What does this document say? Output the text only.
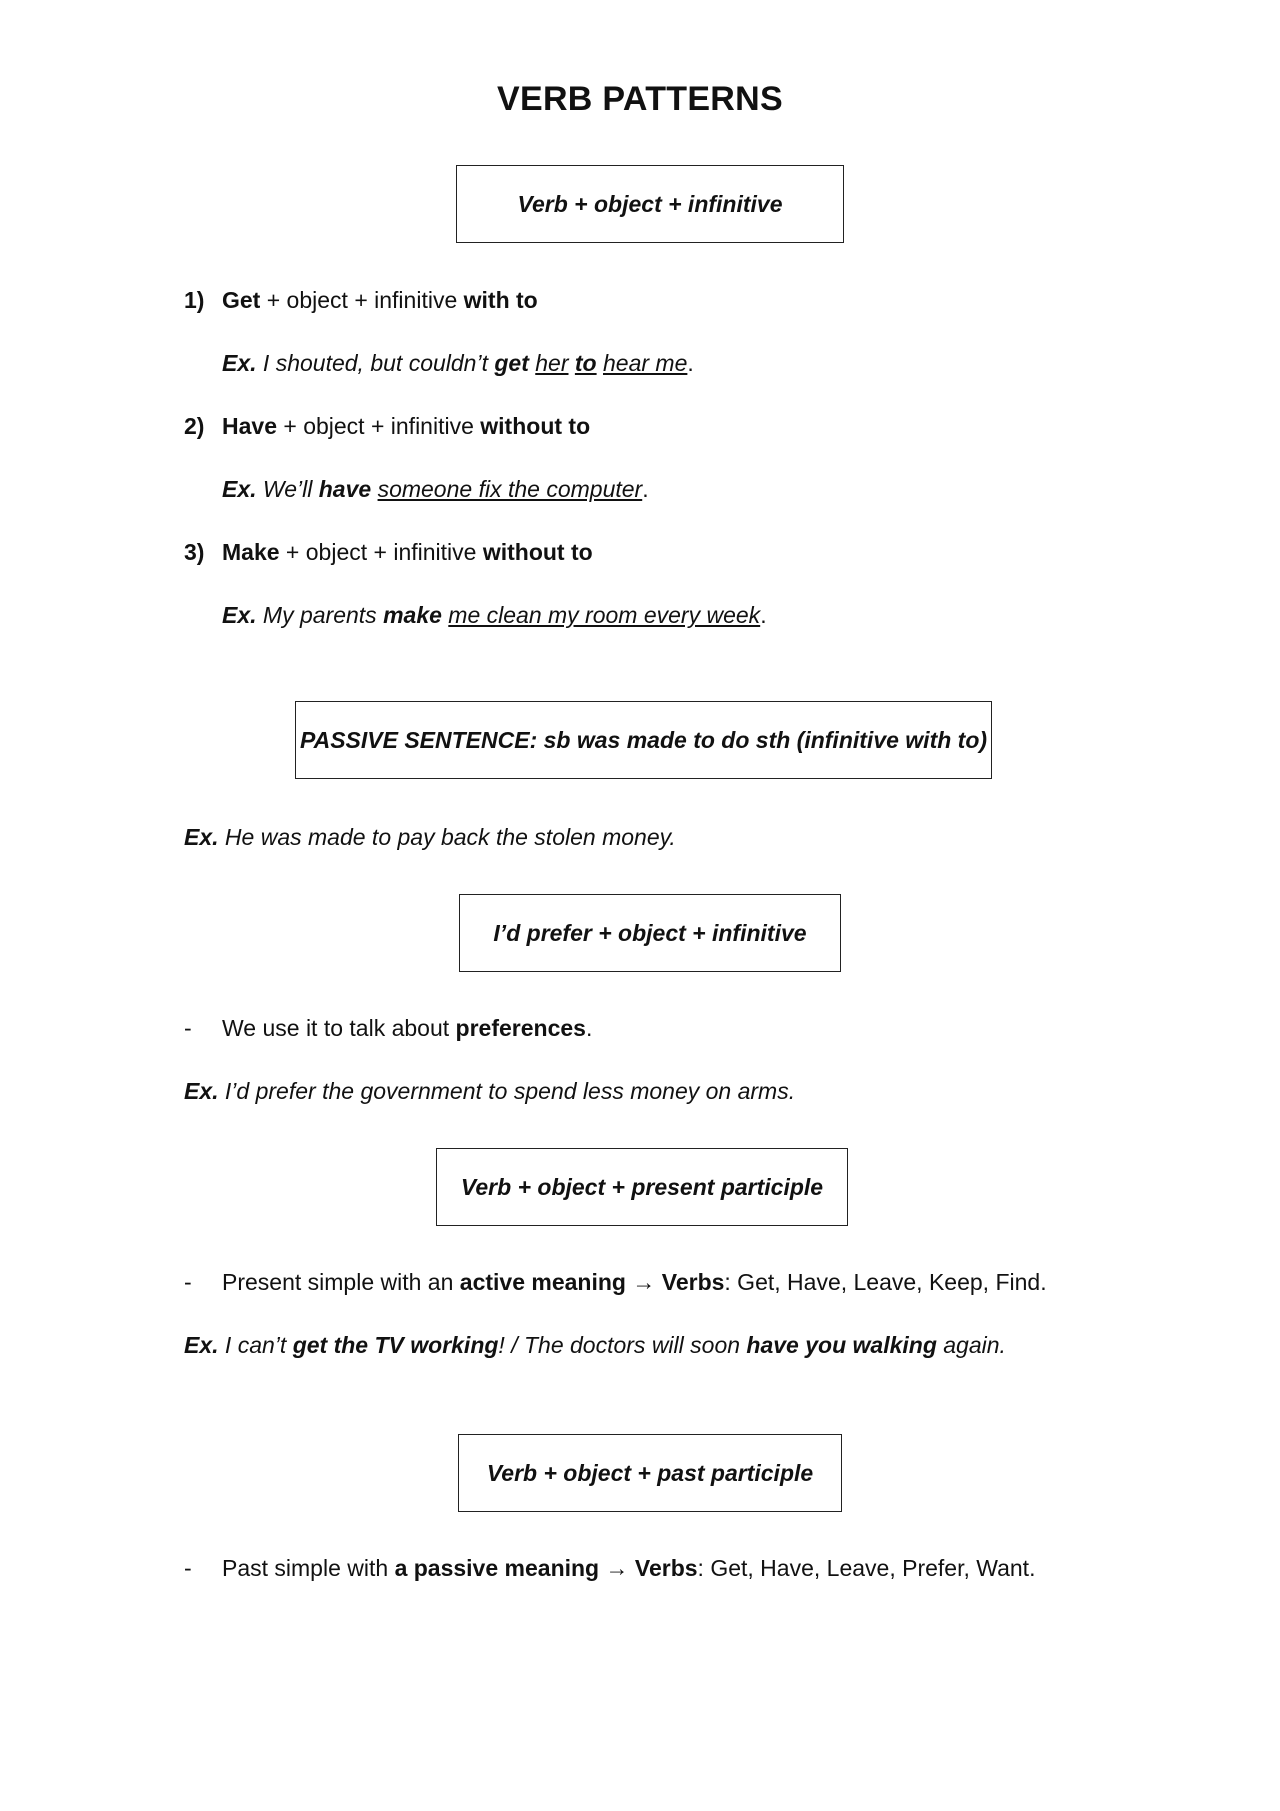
VERB PATTERNS
Verb + object + infinitive
1) Get + object + infinitive with to
Ex. I shouted, but couldn’t get her to hear me.
2) Have + object + infinitive without to
Ex. We’ll have someone fix the computer.
3) Make + object + infinitive without to
Ex. My parents make me clean my room every week.
PASSIVE SENTENCE: sb was made to do sth (infinitive with to)
Ex. He was made to pay back the stolen money.
I’d prefer + object + infinitive
- We use it to talk about preferences.
Ex. I’d prefer the government to spend less money on arms.
Verb + object + present participle
- Present simple with an active meaning → Verbs: Get, Have, Leave, Keep, Find.
Ex. I can’t get the TV working! / The doctors will soon have you walking again.
Verb + object + past participle
- Past simple with a passive meaning → Verbs: Get, Have, Leave, Prefer, Want.
